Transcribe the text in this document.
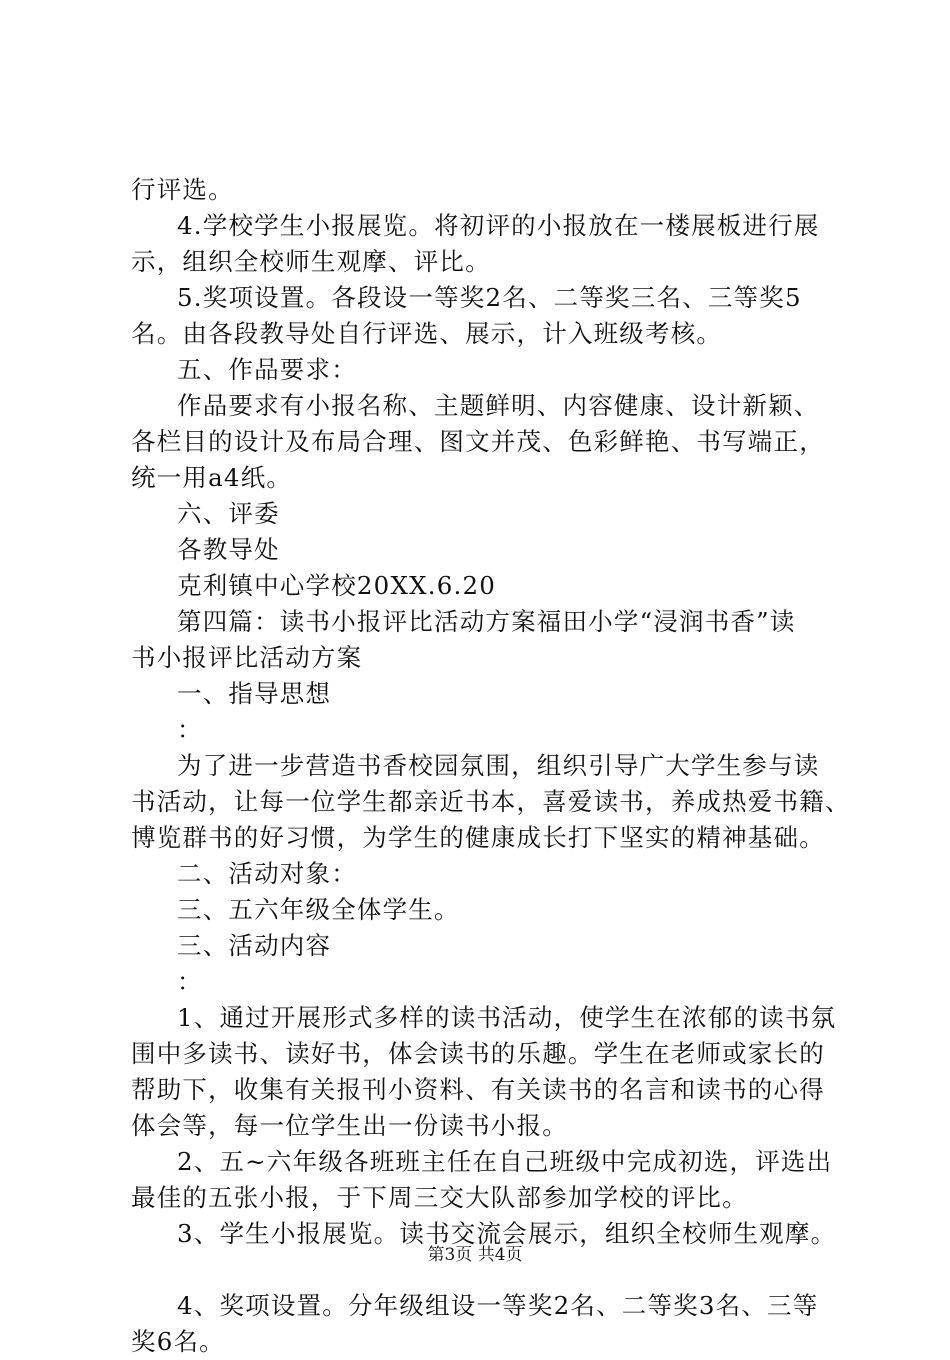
行评选。
4.学校学生小报展览。将初评的小报放在一楼展板进行展
示，组织全校师生观摩、评比。
5.奖项设置。各段设一等奖2名、二等奖三名、三等奖5
名。由各段教导处自行评选、展示，计入班级考核。
五、作品要求：
作品要求有小报名称、主题鲜明、内容健康、设计新颖、
各栏目的设计及布局合理、图文并茂、色彩鲜艳、书写端正，
统一用a4纸。
六、评委
各教导处
克利镇中心学校20XX.6.20
第四篇：读书小报评比活动方案福田小学“浸润书香”读
书小报评比活动方案
一、指导思想
：
为了进一步营造书香校园氛围，组织引导广大学生参与读
书活动，让每一位学生都亲近书本，喜爱读书，养成热爱书籍、
博览群书的好习惯，为学生的健康成长打下坚实的精神基础。
二、活动对象：
三、五六年级全体学生。
三、活动内容
：
1、通过开展形式多样的读书活动，使学生在浓郁的读书氛
围中多读书、读好书，体会读书的乐趣。学生在老师或家长的
帮助下，收集有关报刊小资料、有关读书的名言和读书的心得
体会等，每一位学生出一份读书小报。
2、五~六年级各班班主任在自己班级中完成初选，评选出
最佳的五张小报，于下周三交大队部参加学校的评比。
3、学生小报展览。读书交流会展示，组织全校师生观摩。
4、奖项设置。分年级组设一等奖2名、二等奖3名、三等
奖6名。
第3页 共4页
